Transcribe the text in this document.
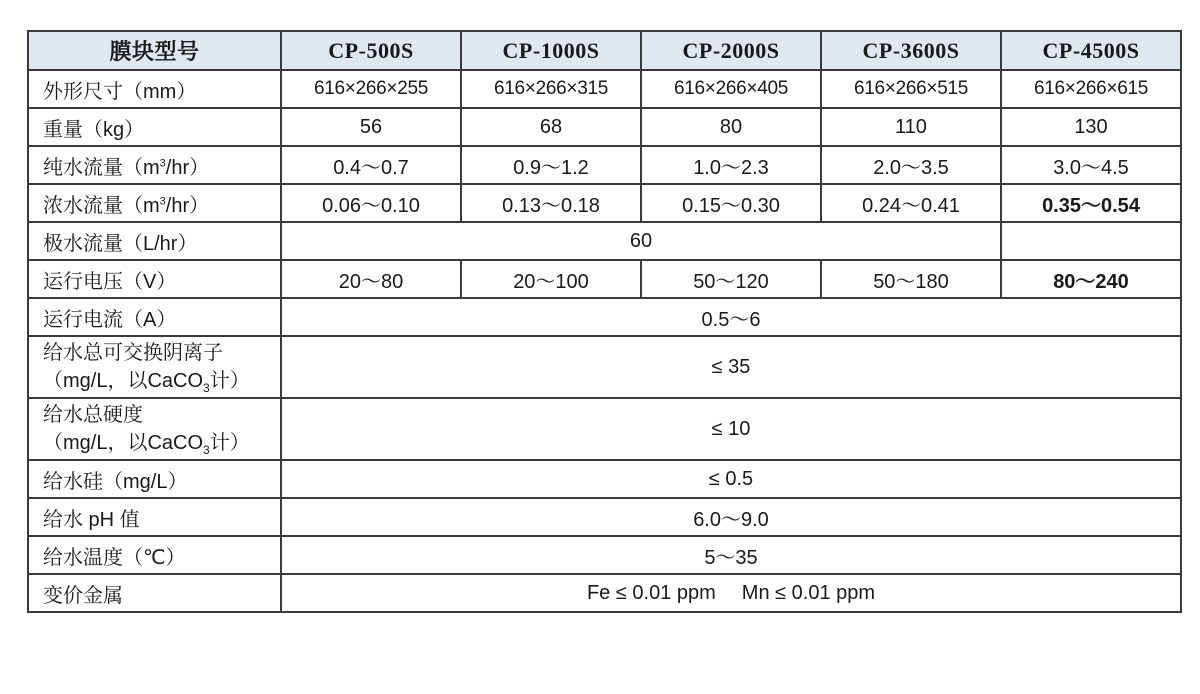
膜块型号	CP-500S	CP-1000S	CP-2000S	CP-3600S	CP-4500S
外形尺寸（mm）	616×266×255	616×266×315	616×266×405	616×266×515	616×266×615
重量（kg）	56	68	80	110	130
纯水流量$(m^3/hr)$	0.4～0.7	0.9～1.2	1.0～2.3	2.0～3.5	3.0～4.5
浓水流量$(m^3/hr)$	0.06～0.10	0.13～0.18	0.15～0.30	0.24～0.41	0.35～0.54
极水流量（L/hr）	60				
运行电压（V）	20～80	20～100	50～120	50～180	80～240
运行电流（A）	0.5～6				
给水总可交换阴离子
（mg/L，以CaCO$_3$计）	≤ 35				
给水总硬度
（mg/L，以CaCO$_3$计）	≤ 10				
给水硅（mg/L）	≤ 0.5				
给水 pH 值	6.0～9.0				
给水温度（℃）	5～35				
变价金属	Fe ≤ 0.01 ppm Mn ≤ 0.01 ppm				
